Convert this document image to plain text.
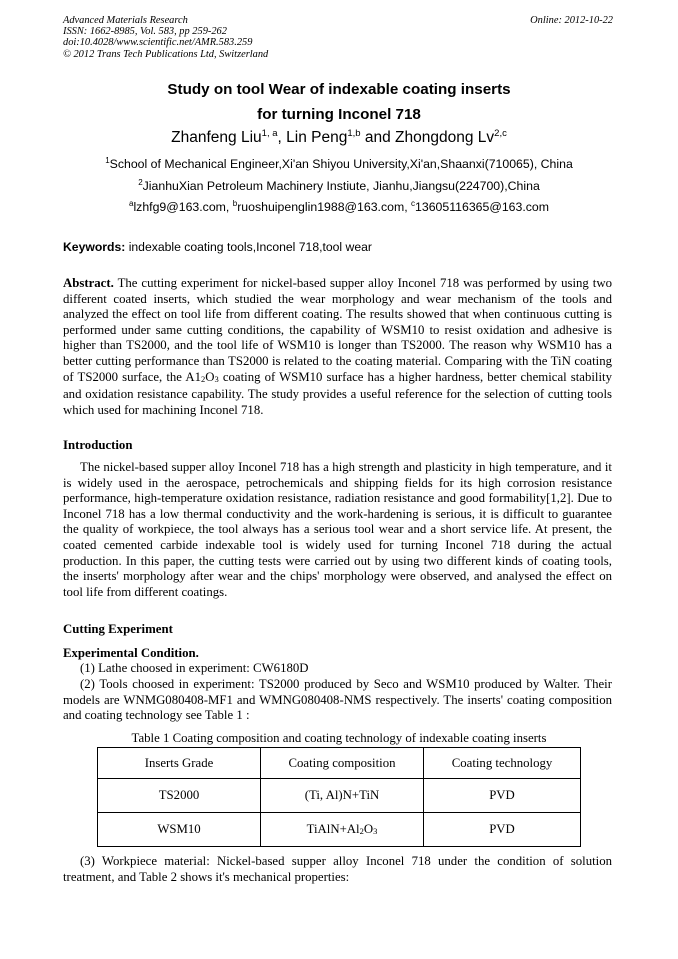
Advanced Materials Research
ISSN: 1662-8985, Vol. 583, pp 259-262
doi:10.4028/www.scientific.net/AMR.583.259
© 2012 Trans Tech Publications Ltd, Switzerland
Online: 2012-10-22
Study on tool Wear of indexable coating inserts
for turning Inconel 718
Zhanfeng Liu$^{1, a}$, Lin Peng$^{1,b}$ and Zhongdong Lv$^{2,c}$
$^1$School of Mechanical Engineer,Xi'an Shiyou University,Xi'an,Shaanxi(710065), China
$^2$JianhuXian Petroleum Machinery Instiute, Jianhu,Jiangsu(224700),China
$^a$lzhfg9@163.com, $^b$ruoshuipenglin1988@163.com, $^c$13605116365@163.com
Keywords: indexable coating tools,Inconel 718,tool wear

Abstract. The cutting experiment for nickel-based supper alloy Inconel 718 was performed by using two different coated inserts, which studied the wear morphology and wear mechanism of the tools and analyzed the effect on tool life from different coating. The results showed that when continuous cutting is performed under same cutting conditions, the capability of WSM10 to resist oxidation and adhesive is higher than TS2000, and the tool life of WSM10 is longer than TS2000. The reason why WSM10 has a better cutting performance than TS2000 is related to the coating material. Comparing with the TiN coating of TS2000 surface, the $A1_2O_3$ coating of WSM10 surface has a higher hardness, better chemical stability and oxidation resistance capability. The study provides a useful reference for the selection of cutting tools which used for machining Inconel 718.

Introduction

The nickel-based supper alloy Inconel 718 has a high strength and plasticity in high temperature, and it is widely used in the aerospace, petrochemicals and shipping fields for its high corrosion resistance performance, high-temperature oxidation resistance, radiation resistance and good formability[1,2]. Due to Inconel 718 has a low thermal conductivity and the work-hardening is serious, it is difficult to guarantee the quality of workpiece, the tool always has a serious tool wear and a short service life. At present, the coated cemented carbide indexable tool is widely used for turning Inconel 718 during the actual production. In this paper, the cutting tests were carried out by using two different kinds of coating tools, the inserts' morphology after wear and the chips' morphology were observed, and analysed the effect on tool life from different coatings.

Cutting Experiment
Experimental Condition.

(1) Lathe choosed in experiment: CW6180D

(2) Tools choosed in experiment: TS2000 produced by Seco and WSM10 produced by Walter. Their models are WNMG080408-MF1 and WMNG080408-NMS respectively. The inserts' coating composition and coating technology see Table 1 :

Table 1 Coating composition and coating technology of indexable coating inserts
Inserts Grade	Coating composition	Coating technology
TS2000	(Ti, Al)N+TiN	PVD
WSM10	$TiAlN+Al_2O_3$	PVD

(3) Workpiece material: Nickel-based supper alloy Inconel 718 under the condition of solution treatment, and Table 2 shows it's mechanical properties:
